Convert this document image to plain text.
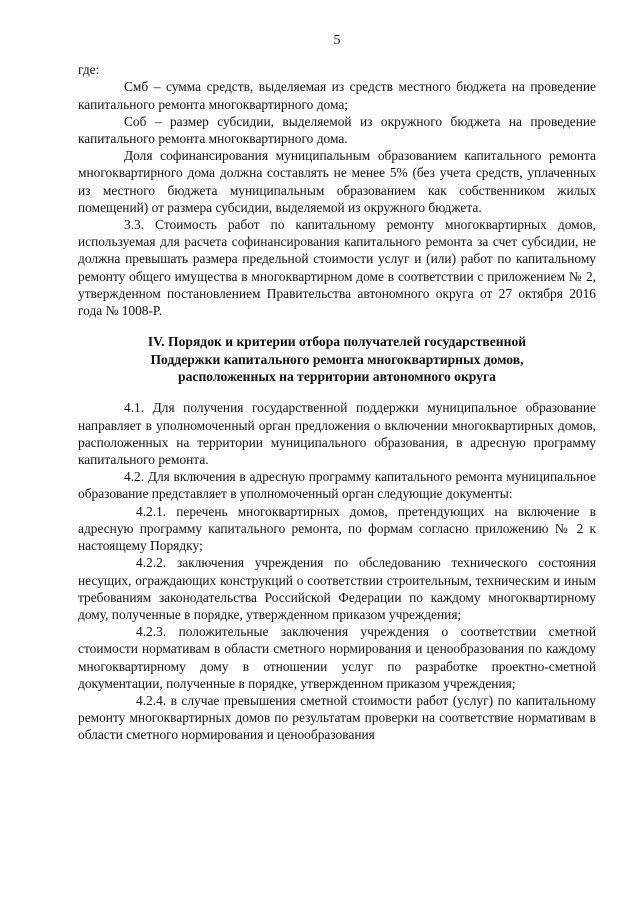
5

где:

Смб – сумма средств, выделяемая из средств местного бюджета на проведение капитального ремонта многоквартирного дома;

Соб – размер субсидии, выделяемой из окружного бюджета на проведение капитального ремонта многоквартирного дома.

Доля софинансирования муниципальным образованием капитального ремонта многоквартирного дома должна составлять не менее 5% (без учета средств, уплаченных из местного бюджета муниципальным образованием как собственником жилых помещений) от размера субсидии, выделяемой из окружного бюджета.

3.3. Стоимость работ по капитальному ремонту многоквартирных домов, используемая для расчета софинансирования капитального ремонта за счет субсидии, не должна превышать размера предельной стоимости услуг и (или) работ по капитальному ремонту общего имущества в многоквартирном доме в соответствии с приложением № 2, утвержденном постановлением Правительства автономного округа от 27 октября 2016 года № 1008-Р.

IV. Порядок и критерии отбора получателей государственной
Поддержки капитального ремонта многоквартирных домов,
расположенных на территории автономного округа

4.1. Для получения государственной поддержки муниципальное образование направляет в уполномоченный орган предложения о включении многоквартирных домов, расположенных на территории муниципального образования, в адресную программу капитального ремонта.

4.2. Для включения в адресную программу капитального ремонта муниципальное образование представляет в уполномоченный орган следующие документы:

4.2.1. перечень многоквартирных домов, претендующих на включение в адресную программу капитального ремонта, по формам согласно приложению № 2 к настоящему Порядку;

4.2.2. заключения учреждения по обследованию технического состояния несущих, ограждающих конструкций о соответствии строительным, техническим и иным требованиям законодательства Российской Федерации по каждому многоквартирному дому, полученные в порядке, утвержденном приказом учреждения;

4.2.3. положительные заключения учреждения о соответствии сметной стоимости нормативам в области сметного нормирования и ценообразования по каждому многоквартирному дому в отношении услуг по разработке проектно-сметной документации, полученные в порядке, утвержденном приказом учреждения;

4.2.4. в случае превышения сметной стоимости работ (услуг) по капитальному ремонту многоквартирных домов по результатам проверки на соответствие нормативам в области сметного нормирования и ценообразования
